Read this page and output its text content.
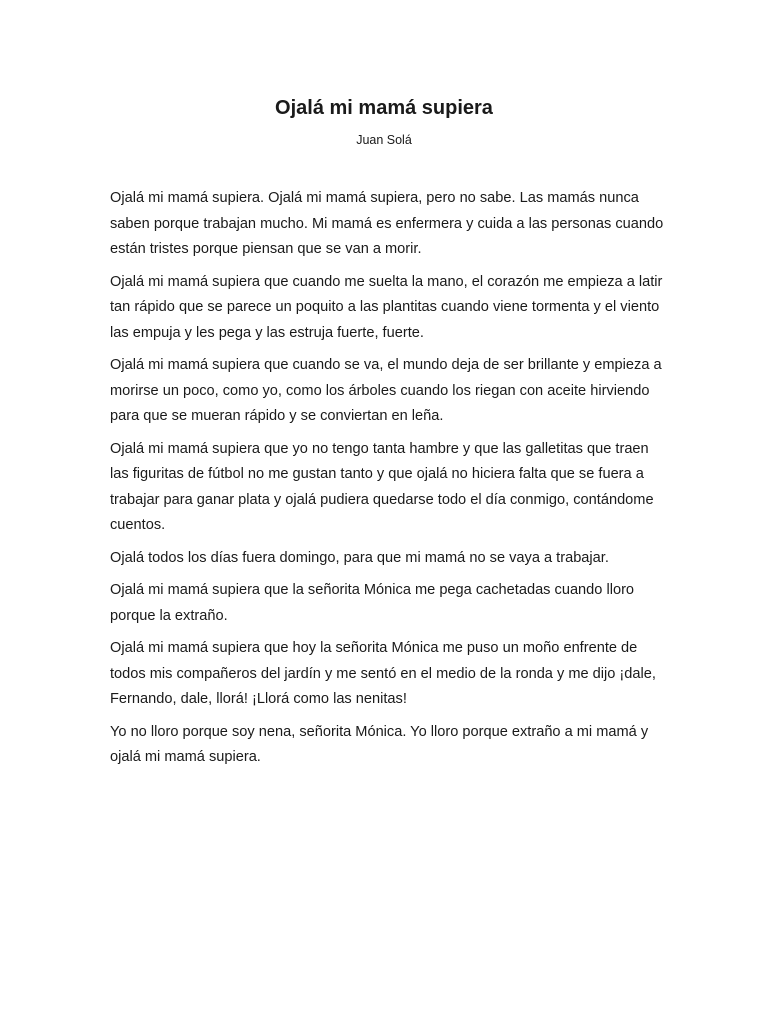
Ojalá mi mamá supiera

Juan Solá

Ojalá mi mamá supiera. Ojalá mi mamá supiera, pero no sabe. Las mamás nunca saben porque trabajan mucho. Mi mamá es enfermera y cuida a las personas cuando están tristes porque piensan que se van a morir.

Ojalá mi mamá supiera que cuando me suelta la mano, el corazón me empieza a latir tan rápido que se parece un poquito a las plantitas cuando viene tormenta y el viento las empuja y les pega y las estruja fuerte, fuerte.

Ojalá mi mamá supiera que cuando se va, el mundo deja de ser brillante y empieza a morirse un poco, como yo, como los árboles cuando los riegan con aceite hirviendo para que se mueran rápido y se conviertan en leña.

Ojalá mi mamá supiera que yo no tengo tanta hambre y que las galletitas que traen las figuritas de fútbol no me gustan tanto y que ojalá no hiciera falta que se fuera a trabajar para ganar plata y ojalá pudiera quedarse todo el día conmigo, contándome cuentos.

Ojalá todos los días fuera domingo, para que mi mamá no se vaya a trabajar.

Ojalá mi mamá supiera que la señorita Mónica me pega cachetadas cuando lloro porque la extraño.

Ojalá mi mamá supiera que hoy la señorita Mónica me puso un moño enfrente de todos mis compañeros del jardín y me sentó en el medio de la ronda y me dijo ¡dale, Fernando, dale, llorá! ¡Llorá como las nenitas!

Yo no lloro porque soy nena, señorita Mónica. Yo lloro porque extraño a mi mamá y ojalá mi mamá supiera.
